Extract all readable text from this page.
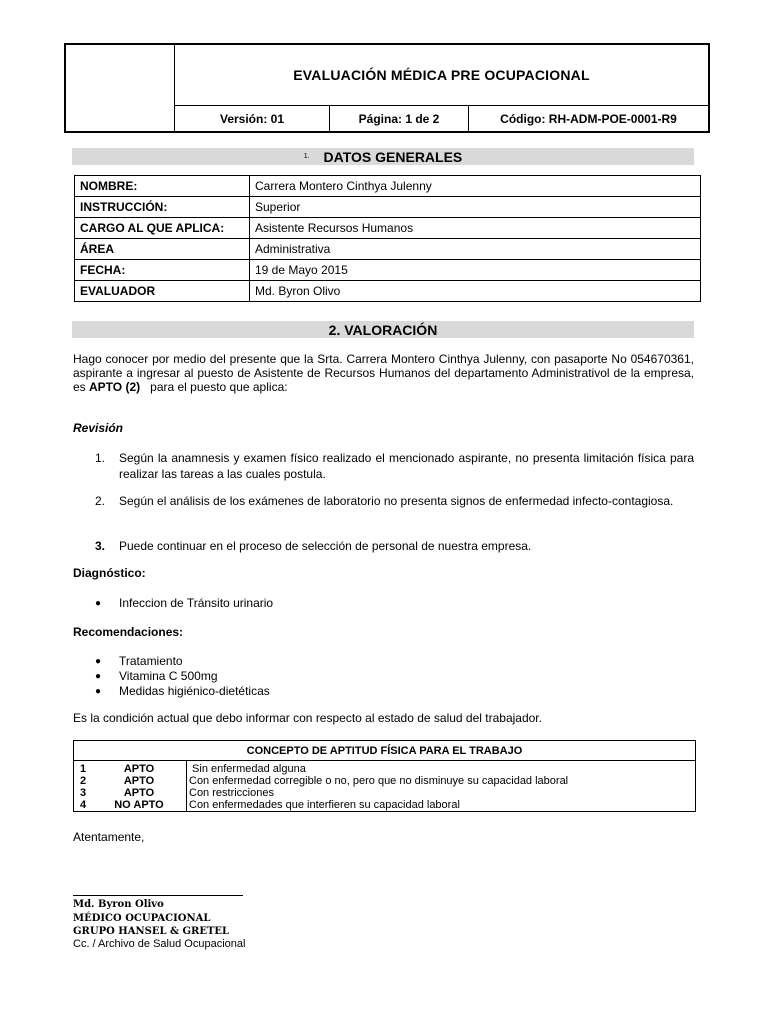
EVALUACIÓN MÉDICA PRE OCUPACIONAL
Versión: 01	Página: 1 de 2	Código: RH-ADM-POE-0001-R9
1. DATOS GENERALES
NOMBRE:	Carrera Montero Cinthya Julenny
INSTRUCCIÓN:	Superior
CARGO AL QUE APLICA:	Asistente Recursos Humanos
ÁREA	Administrativa
FECHA:	19 de Mayo 2015
EVALUADOR	Md. Byron Olivo
2. VALORACIÓN
Hago conocer por medio del presente que la Srta. Carrera Montero Cinthya Julenny, con pasaporte No 054670361, aspirante a ingresar al puesto de Asistente de Recursos Humanos del departamento Administrativol de la empresa, es APTO (2)   para el puesto que aplica:
Revisión
1.	Según la anamnesis y examen físico realizado el mencionado aspirante, no presenta limitación física para realizar las tareas a las cuales postula.
2.	Según el análisis de los exámenes de laboratorio no presenta signos de enfermedad infecto-contagiosa.
3.	Puede continuar en el proceso de selección de personal de nuestra empresa.
Diagnóstico:
●	Infeccion de Tránsito urinario
Recomendaciones:
●	Tratamiento
●	Vitamina C 500mg
●	Medidas higiénico-dietéticas
Es la condición actual que debo informar con respecto al estado de salud del trabajador.
CONCEPTO DE APTITUD FÍSICA PARA EL TRABAJO		
1	APTO	Sin enfermedad alguna
2	APTO	Con enfermedad corregible o no, pero que no disminuye su capacidad laboral
3	APTO	Con restricciones
4	NO APTO	Con enfermedades que interfieren su capacidad laboral
Atentamente,
Md. Byron Olivo
MÉDICO OCUPACIONAL
GRUPO HANSEL & GRETEL
Cc. / Archivo de Salud Ocupacional
